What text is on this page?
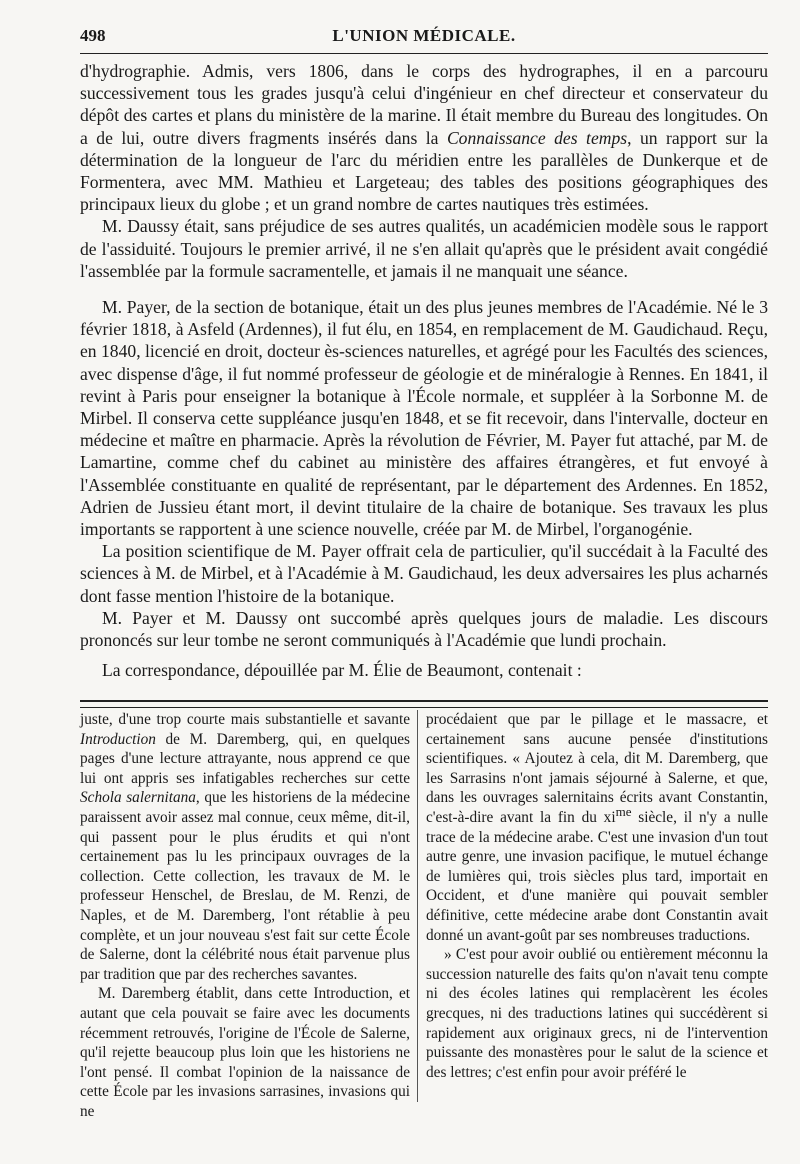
498	L'UNION MÉDICALE.

d'hydrographie. Admis, vers 1806, dans le corps des hydrographes, il en a parcouru successivement tous les grades jusqu'à celui d'ingénieur en chef directeur et conservateur du dépôt des cartes et plans du ministère de la marine. Il était membre du Bureau des longitudes. On a de lui, outre divers fragments insérés dans la Connaissance des temps, un rapport sur la détermination de la longueur de l'arc du méridien entre les parallèles de Dunkerque et de Formentera, avec MM. Mathieu et Largeteau; des tables des positions géographiques des principaux lieux du globe ; et un grand nombre de cartes nautiques très estimées.

M. Daussy était, sans préjudice de ses autres qualités, un académicien modèle sous le rapport de l'assiduité. Toujours le premier arrivé, il ne s'en allait qu'après que le président avait congédié l'assemblée par la formule sacramentelle, et jamais il ne manquait une séance.

M. Payer, de la section de botanique, était un des plus jeunes membres de l'Académie. Né le 3 février 1818, à Asfeld (Ardennes), il fut élu, en 1854, en remplacement de M. Gaudichaud. Reçu, en 1840, licencié en droit, docteur ès-sciences naturelles, et agrégé pour les Facultés des sciences, avec dispense d'âge, il fut nommé professeur de géologie et de minéralogie à Rennes. En 1841, il revint à Paris pour enseigner la botanique à l'École normale, et suppléer à la Sorbonne M. de Mirbel. Il conserva cette suppléance jusqu'en 1848, et se fit recevoir, dans l'intervalle, docteur en médecine et maître en pharmacie. Après la révolution de Février, M. Payer fut attaché, par M. de Lamartine, comme chef du cabinet au ministère des affaires étrangères, et fut envoyé à l'Assemblée constituante en qualité de représentant, par le département des Ardennes. En 1852, Adrien de Jussieu étant mort, il devint titulaire de la chaire de botanique. Ses travaux les plus importants se rapportent à une science nouvelle, créée par M. de Mirbel, l'organogénie.

La position scientifique de M. Payer offrait cela de particulier, qu'il succédait à la Faculté des sciences à M. de Mirbel, et à l'Académie à M. Gaudichaud, les deux adversaires les plus acharnés dont fasse mention l'histoire de la botanique.

M. Payer et M. Daussy ont succombé après quelques jours de maladie. Les discours prononcés sur leur tombe ne seront communiqués à l'Académie que lundi prochain.

La correspondance, dépouillée par M. Élie de Beaumont, contenait :

juste, d'une trop courte mais substantielle et savante Introduction de M. Daremberg, qui, en quelques pages d'une lecture attrayante, nous apprend ce que lui ont appris ses infatigables recherches sur cette Schola salernitana, que les historiens de la médecine paraissent avoir assez mal connue, ceux même, dit-il, qui passent pour le plus érudits et qui n'ont certainement pas lu les principaux ouvrages de la collection. Cette collection, les travaux de M. le professeur Henschel, de Breslau, de M. Renzi, de Naples, et de M. Daremberg, l'ont rétablie à peu complète, et un jour nouveau s'est fait sur cette École de Salerne, dont la célébrité nous était parvenue plus par tradition que par des recherches savantes.

M. Daremberg établit, dans cette Introduction, et autant que cela pouvait se faire avec les documents récemment retrouvés, l'origine de l'École de Salerne, qu'il rejette beaucoup plus loin que les historiens ne l'ont pensé. Il combat l'opinion de la naissance de cette École par les invasions sarrasines, invasions qui ne

procédaient que par le pillage et le massacre, et certainement sans aucune pensée d'institutions scientifiques. « Ajoutez à cela, dit M. Daremberg, que les Sarrasins n'ont jamais séjourné à Salerne, et que, dans les ouvrages salernitains écrits avant Constantin, c'est-à-dire avant la fin du xi$^{me}$ siècle, il n'y a nulle trace de la médecine arabe. C'est une invasion d'un tout autre genre, une invasion pacifique, le mutuel échange de lumières qui, trois siècles plus tard, importait en Occident, et d'une manière qui pouvait sembler définitive, cette médecine arabe dont Constantin avait donné un avant-goût par ses nombreuses traductions.

» C'est pour avoir oublié ou entièrement méconnu la succession naturelle des faits qu'on n'avait tenu compte ni des écoles latines qui remplacèrent les écoles grecques, ni des traductions latines qui succédèrent si rapidement aux originaux grecs, ni de l'intervention puissante des monastères pour le salut de la science et des lettres; c'est enfin pour avoir préféré le
